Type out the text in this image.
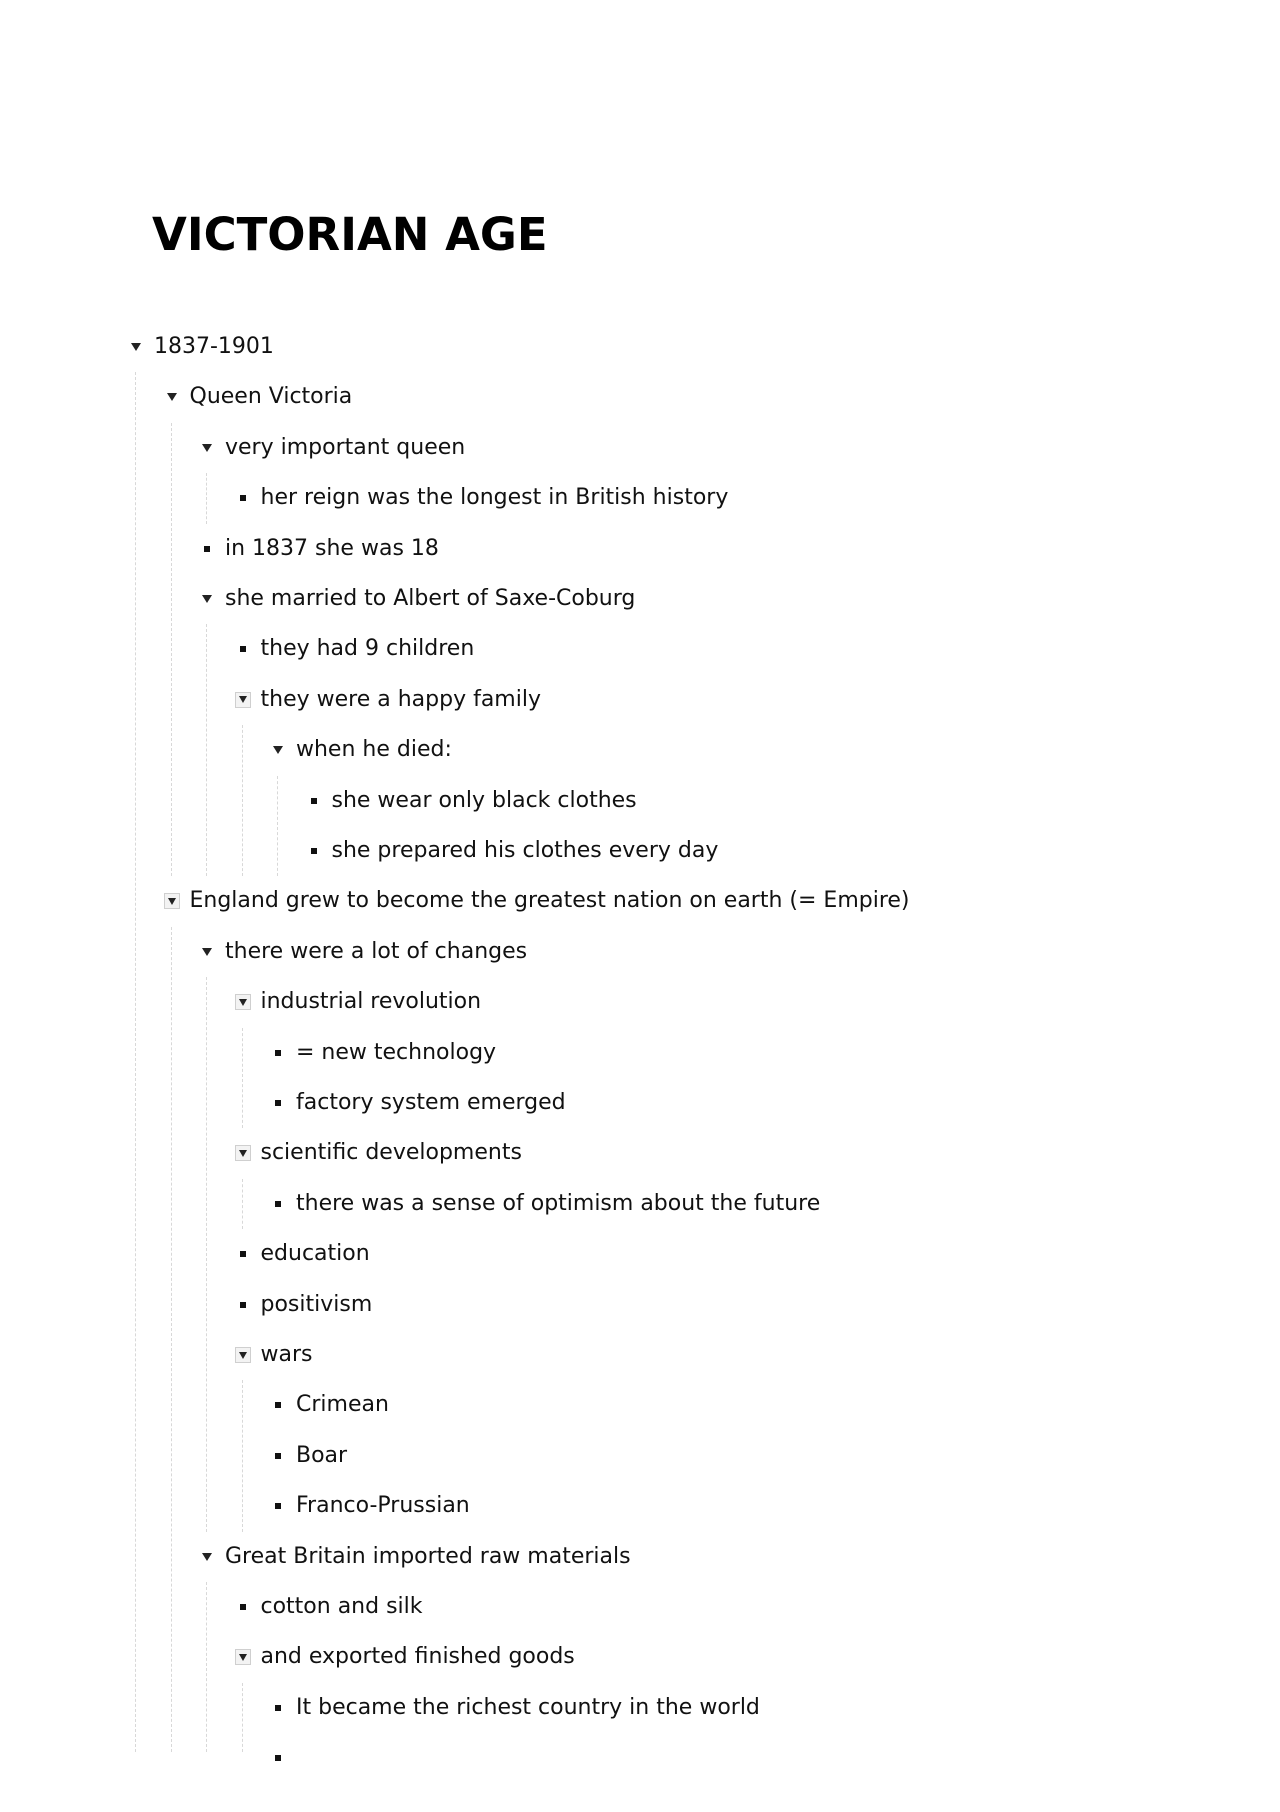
VICTORIAN AGE
1837-1901
Queen Victoria
very important queen
her reign was the longest in British history
in 1837 she was 18
she married to Albert of Saxe-Coburg
they had 9 children
they were a happy family
when he died:
she wear only black clothes
she prepared his clothes every day
England grew to become the greatest nation on earth (= Empire)
there were a lot of changes
industrial revolution
= new technology
factory system emerged
scientific developments
there was a sense of optimism about the future
education
positivism
wars
Crimean
Boar
Franco-Prussian
Great Britain imported raw materials
cotton and silk
and exported finished goods
It became the richest country in the world
